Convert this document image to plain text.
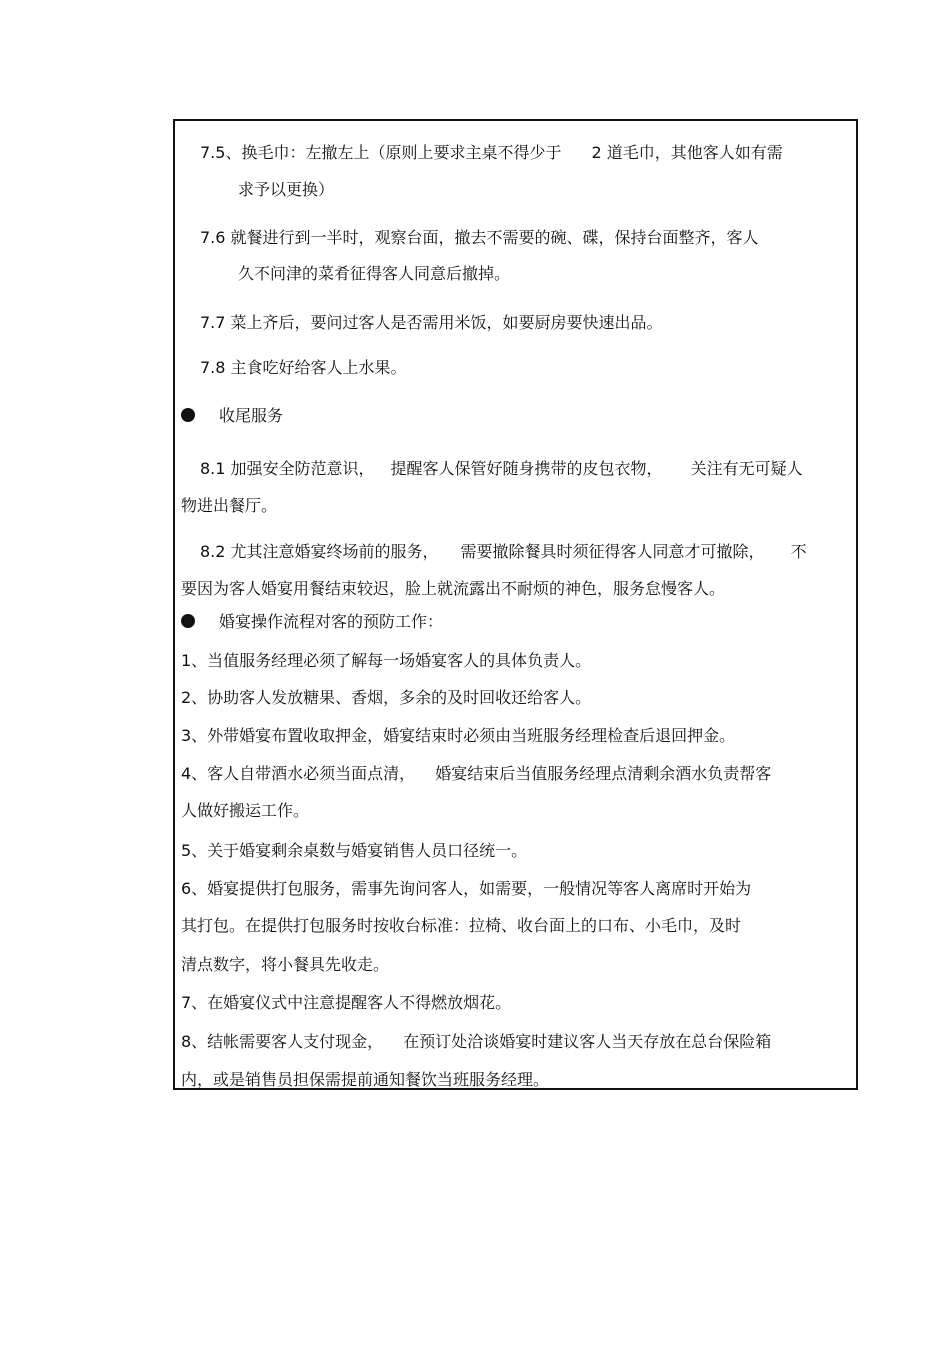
7.5、换毛巾：左撤左上（原则上要求主桌不得少于 2 道毛巾，其他客人如有需
求予以更换）
7.6 就餐进行到一半时，观察台面，撤去不需要的碗、碟，保持台面整齐，客人
久不问津的菜肴征得客人同意后撤掉。
7.7 菜上齐后，要问过客人是否需用米饭，如要厨房要快速出品。
7.8 主食吃好给客人上水果。
收尾服务
8.1 加强安全防范意识， 提醒客人保管好随身携带的皮包衣物， 关注有无可疑人
物进出餐厅。
8.2 尤其注意婚宴终场前的服务， 需要撤除餐具时须征得客人同意才可撤除， 不
要因为客人婚宴用餐结束较迟，脸上就流露出不耐烦的神色，服务怠慢客人。
婚宴操作流程对客的预防工作：
1、当值服务经理必须了解每一场婚宴客人的具体负责人。
2、协助客人发放糖果、香烟，多余的及时回收还给客人。
3、外带婚宴布置收取押金，婚宴结束时必须由当班服务经理检查后退回押金。
4、客人自带酒水必须当面点清， 婚宴结束后当值服务经理点清剩余酒水负责帮客
人做好搬运工作。
5、关于婚宴剩余桌数与婚宴销售人员口径统一。
6、婚宴提供打包服务，需事先询问客人，如需要，一般情况等客人离席时开始为
其打包。在提供打包服务时按收台标准：拉椅、收台面上的口布、小毛巾，及时
清点数字，将小餐具先收走。
7、在婚宴仪式中注意提醒客人不得燃放烟花。
8、结帐需要客人支付现金， 在预订处洽谈婚宴时建议客人当天存放在总台保险箱
内，或是销售员担保需提前通知餐饮当班服务经理。
